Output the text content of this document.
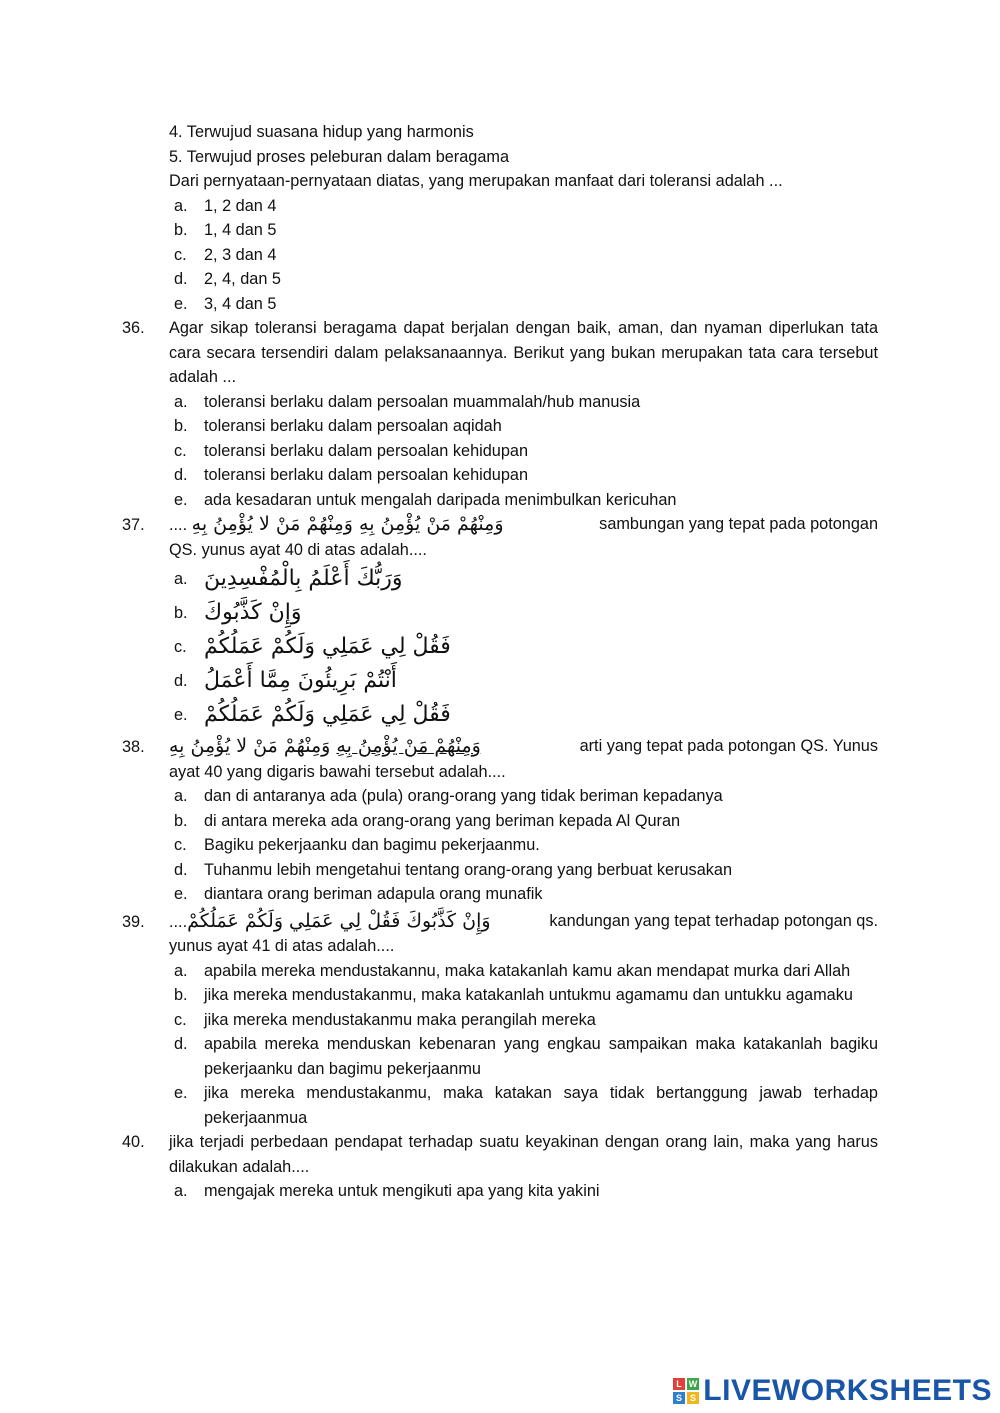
4. Terwujud suasana hidup yang harmonis
5. Terwujud proses peleburan dalam beragama
Dari pernyataan-pernyataan diatas, yang merupakan manfaat dari toleransi adalah ...
a.	1, 2 dan 4
b.	1, 4 dan 5
c.	2, 3 dan 4
d.	2, 4, dan 5
e.	3, 4 dan 5
36.	Agar sikap toleransi beragama dapat berjalan dengan baik, aman, dan nyaman diperlukan tata cara secara tersendiri dalam pelaksanaannya. Berikut yang bukan merupakan tata cara tersebut adalah ...
a.	toleransi berlaku dalam persoalan muammalah/hub manusia
b.	toleransi berlaku dalam persoalan aqidah
c.	toleransi berlaku dalam persoalan kehidupan
d.	toleransi berlaku dalam persoalan kehidupan
e.	ada kesadaran untuk mengalah daripada menimbulkan kericuhan
37.	.... وَمِنْهُمْ مَنْ يُؤْمِنُ بِهِ وَمِنْهُمْ مَنْ لا يُؤْمِنُ بِهِ	sambungan yang tepat pada potongan
QS. yunus ayat 40 di atas adalah....
a. وَرَبُّكَ أَعْلَمُ بِالْمُفْسِدِينَ
b. وَإِنْ كَذَّبُوكَ
c. فَقُلْ لِي عَمَلِي وَلَكُمْ عَمَلُكُمْ
d. أَنْتُمْ بَرِيئُونَ مِمَّا أَعْمَلُ
e. فَقُلْ لِي عَمَلِي وَلَكُمْ عَمَلُكُمْ
38.	وَمِنْهُمْ مَنْ يُؤْمِنُ بِهِ وَمِنْهُمْ مَنْ لا يُؤْمِنُ بِهِ	arti yang tepat pada potongan QS. Yunus
ayat 40 yang digaris bawahi tersebut adalah....
a.	dan di antaranya ada (pula) orang-orang yang tidak beriman kepadanya
b.	di antara mereka ada orang-orang yang beriman kepada Al Quran
c.	Bagiku pekerjaanku dan bagimu pekerjaanmu.
d.	Tuhanmu lebih mengetahui tentang orang-orang yang berbuat kerusakan
e.	diantara orang beriman adapula orang munafik
39.	....وَإِنْ كَذَّبُوكَ فَقُلْ لِي عَمَلِي وَلَكُمْ عَمَلُكُمْ	kandungan yang tepat terhadap potongan qs.
yunus ayat 41 di atas adalah....
a.	apabila mereka mendustakannu, maka katakanlah kamu akan mendapat murka dari Allah
b.	jika mereka mendustakanmu, maka katakanlah untukmu agamamu dan untukku agamaku
c.	jika mereka mendustakanmu maka perangilah mereka
d.	apabila mereka menduskan kebenaran yang engkau sampaikan maka katakanlah bagiku pekerjaanku dan bagimu pekerjaanmu
e.	jika mereka mendustakanmu, maka katakan saya tidak bertanggung jawab terhadap pekerjaanmua
40.	jika terjadi perbedaan pendapat terhadap suatu keyakinan dengan orang lain, maka yang harus dilakukan adalah....
a.	mengajak mereka untuk mengikuti apa yang kita yakini
L W
S S LIVEWORKSHEETS
